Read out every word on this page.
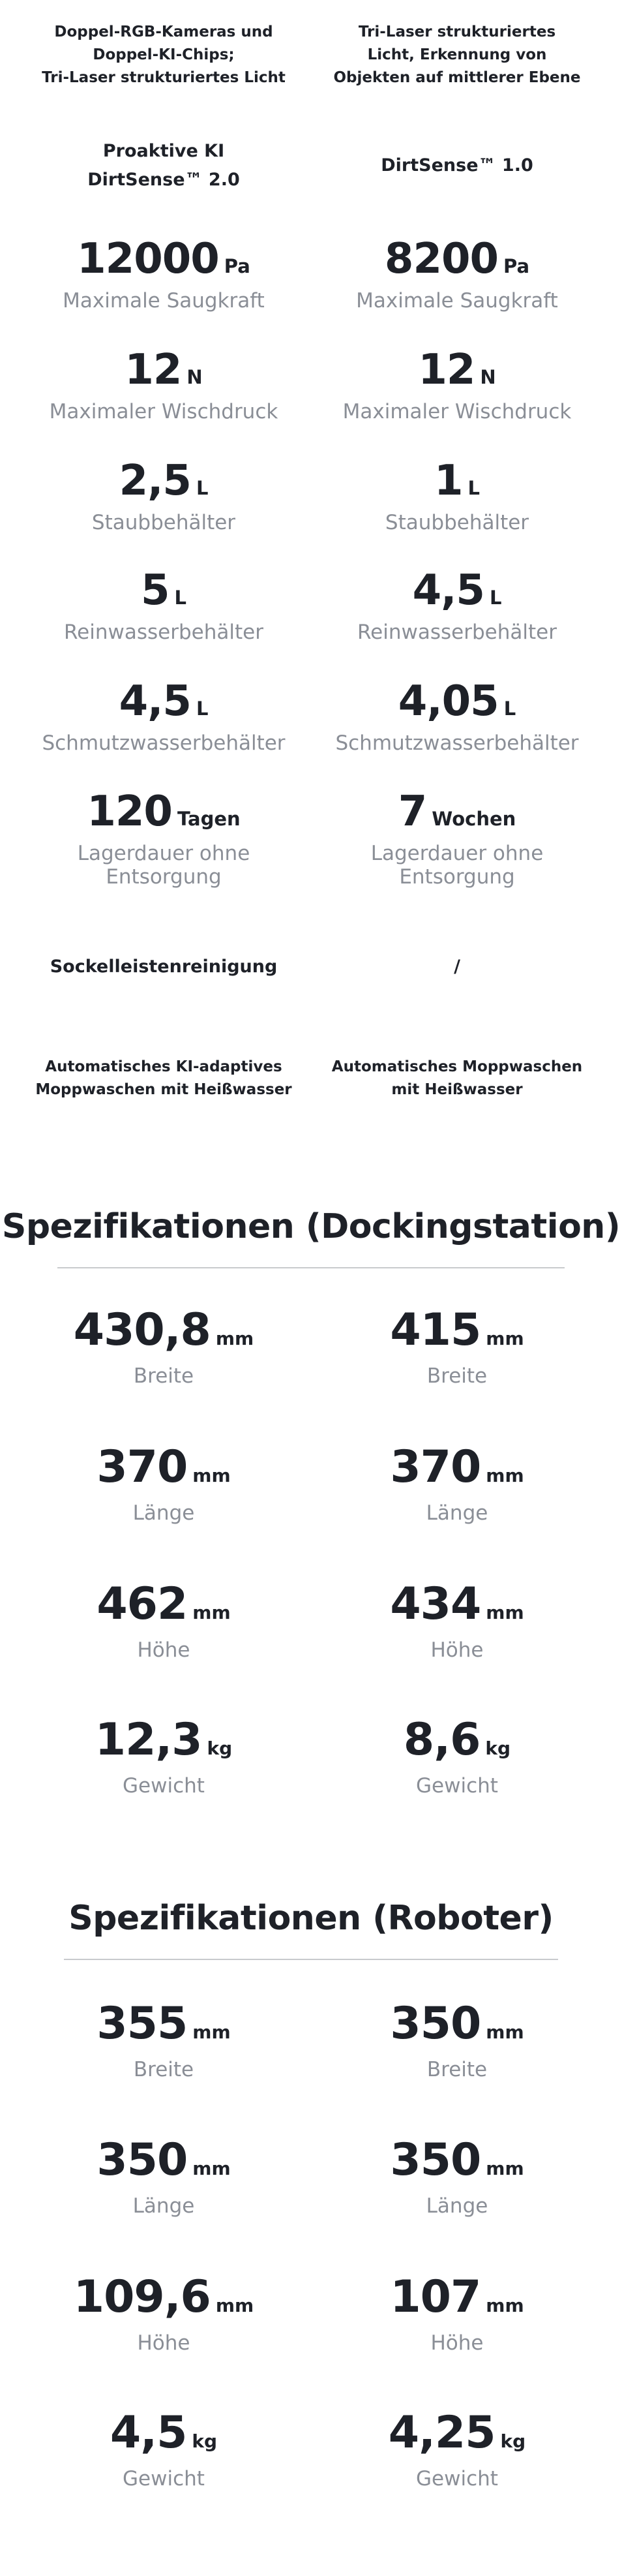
Doppel-RGB-Kameras und
Doppel-KI-Chips;
Tri-Laser strukturiertes Licht
Tri-Laser strukturiertes
Licht, Erkennung von
Objekten auf mittlerer Ebene
Proaktive KI
DirtSense™ 2.0
DirtSense™ 1.0
12000 Pa
Maximale Saugkraft
8200 Pa
Maximale Saugkraft
12 N
Maximaler Wischdruck
12 N
Maximaler Wischdruck
2,5 L
Staubbehälter
1 L
Staubbehälter
5 L
Reinwasserbehälter
4,5 L
Reinwasserbehälter
4,5 L
Schmutzwasserbehälter
4,05 L
Schmutzwasserbehälter
120 Tagen
Lagerdauer ohne
Entsorgung
7 Wochen
Lagerdauer ohne
Entsorgung
Sockelleistenreinigung	/
Automatisches KI-adaptives
Moppwaschen mit Heißwasser
Automatisches Moppwaschen
mit Heißwasser
Spezifikationen (Dockingstation)
430,8 mm
Breite
415 mm
Breite
370 mm
Länge
370 mm
Länge
462 mm
Höhe
434 mm
Höhe
12,3 kg
Gewicht
8,6 kg
Gewicht
Spezifikationen (Roboter)
355 mm
Breite
350 mm
Breite
350 mm
Länge
350 mm
Länge
109,6 mm
Höhe
107 mm
Höhe
4,5 kg
Gewicht
4,25 kg
Gewicht
